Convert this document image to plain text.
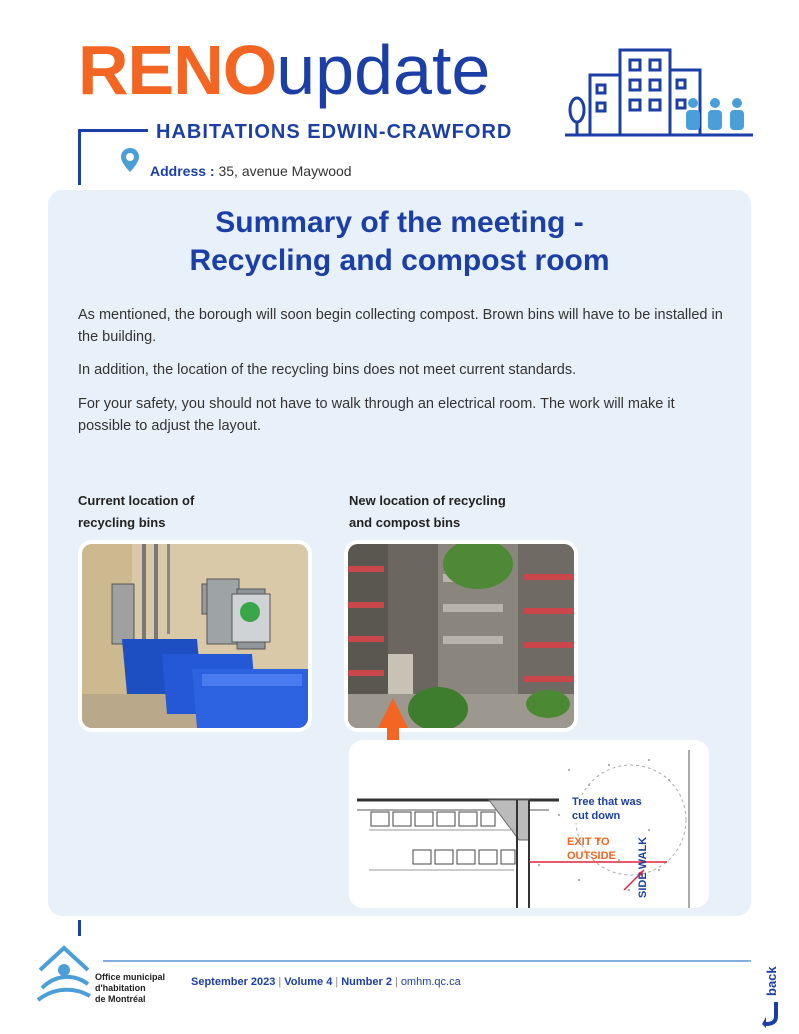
RENOupdate
HABITATIONS EDWIN-CRAWFORD
Address : 35, avenue Maywood
Summary of the meeting -
Recycling and compost room
As mentioned, the borough will soon begin collecting compost. Brown bins will have to be installed in the building.
In addition, the location of the recycling bins does not meet current standards.
For your safety, you should not have to walk through an electrical room. The work will make it possible to adjust the layout.
Current location of
recycling bins
New location of recycling
and compost bins
Tree that was
cut down
EXIT TO
OUTSIDE SIDE WALK
Office municipal
d'habitation
de Montréal
September 2023 | Volume 4 | Number 2 | omhm.qc.ca	back
